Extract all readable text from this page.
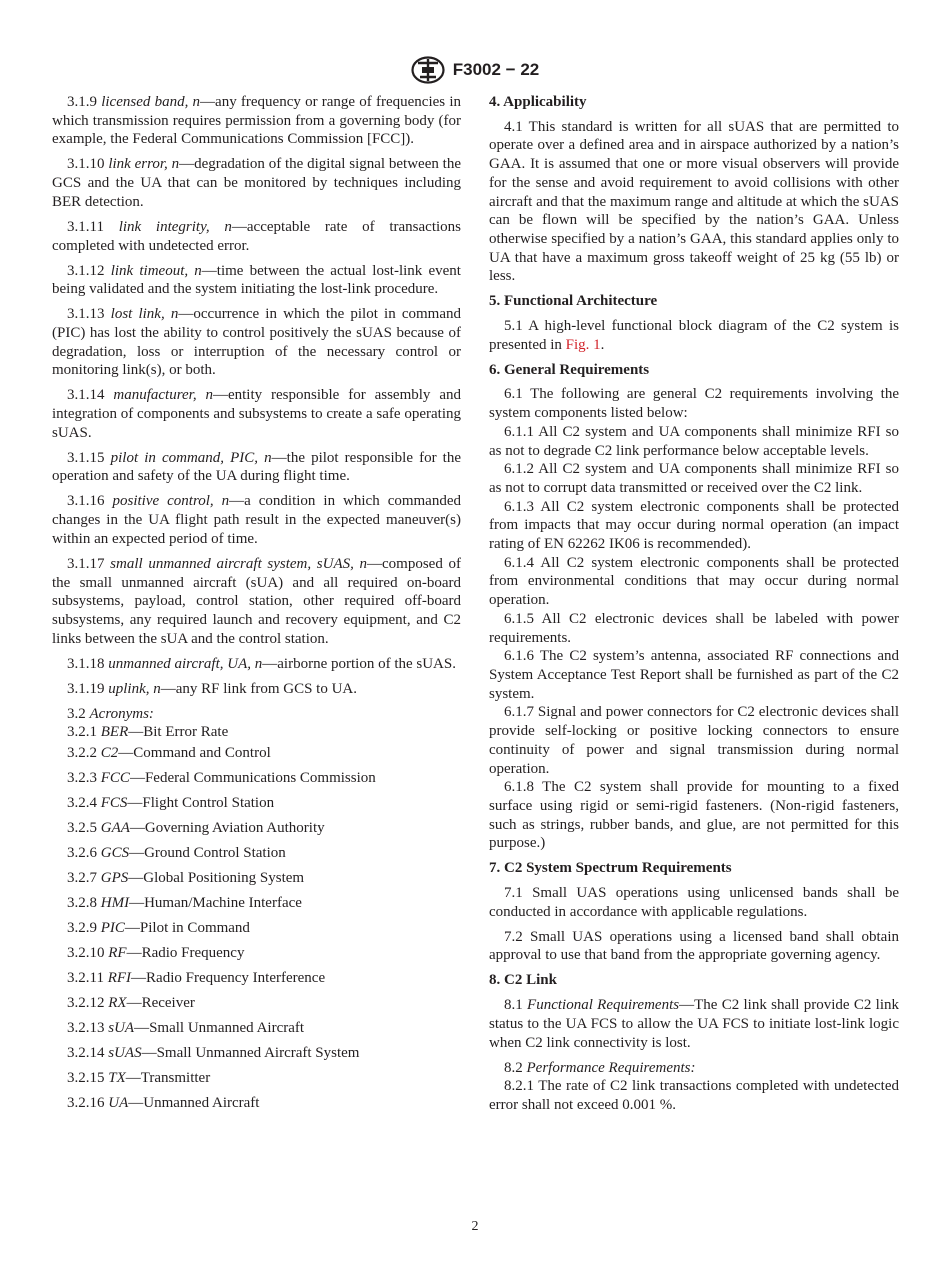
F3002 − 22

3.1.9 licensed band, n—any frequency or range of frequencies in which transmission requires permission from a governing body (for example, the Federal Communications Commission [FCC]).

3.1.10 link error, n—degradation of the digital signal between the GCS and the UA that can be monitored by techniques including BER detection.

3.1.11 link integrity, n—acceptable rate of transactions completed with undetected error.

3.1.12 link timeout, n—time between the actual lost-link event being validated and the system initiating the lost-link procedure.

3.1.13 lost link, n—occurrence in which the pilot in command (PIC) has lost the ability to control positively the sUAS because of degradation, loss or interruption of the necessary control or monitoring link(s), or both.

3.1.14 manufacturer, n—entity responsible for assembly and integration of components and subsystems to create a safe operating sUAS.

3.1.15 pilot in command, PIC, n—the pilot responsible for the operation and safety of the UA during flight time.

3.1.16 positive control, n—a condition in which commanded changes in the UA flight path result in the expected maneuver(s) within an expected period of time.

3.1.17 small unmanned aircraft system, sUAS, n—composed of the small unmanned aircraft (sUA) and all required on-board subsystems, payload, control station, other required off-board subsystems, any required launch and recovery equipment, and C2 links between the sUA and the control station.

3.1.18 unmanned aircraft, UA, n—airborne portion of the sUAS.

3.1.19 uplink, n—any RF link from GCS to UA.

3.2 Acronyms:
3.2.1 BER—Bit Error Rate
3.2.2 C2—Command and Control
3.2.3 FCC—Federal Communications Commission
3.2.4 FCS—Flight Control Station
3.2.5 GAA—Governing Aviation Authority
3.2.6 GCS—Ground Control Station
3.2.7 GPS—Global Positioning System
3.2.8 HMI—Human/Machine Interface
3.2.9 PIC—Pilot in Command
3.2.10 RF—Radio Frequency
3.2.11 RFI—Radio Frequency Interference
3.2.12 RX—Receiver
3.2.13 sUA—Small Unmanned Aircraft
3.2.14 sUAS—Small Unmanned Aircraft System
3.2.15 TX—Transmitter
3.2.16 UA—Unmanned Aircraft
4. Applicability

4.1 This standard is written for all sUAS that are permitted to operate over a defined area and in airspace authorized by a nation’s GAA. It is assumed that one or more visual observers will provide for the sense and avoid requirement to avoid collisions with other aircraft and that the maximum range and altitude at which the sUAS can be flown will be specified by the nation’s GAA. Unless otherwise specified by a nation’s GAA, this standard applies only to UA that have a maximum gross takeoff weight of 25 kg (55 lb) or less.

5. Functional Architecture

5.1 A high-level functional block diagram of the C2 system is presented in Fig. 1.

6. General Requirements

6.1 The following are general C2 requirements involving the system components listed below:

6.1.1 All C2 system and UA components shall minimize RFI so as not to degrade C2 link performance below acceptable levels.

6.1.2 All C2 system and UA components shall minimize RFI so as not to corrupt data transmitted or received over the C2 link.

6.1.3 All C2 system electronic components shall be protected from impacts that may occur during normal operation (an impact rating of EN 62262 IK06 is recommended).

6.1.4 All C2 system electronic components shall be protected from environmental conditions that may occur during normal operation.

6.1.5 All C2 electronic devices shall be labeled with power requirements.

6.1.6 The C2 system’s antenna, associated RF connections and System Acceptance Test Report shall be furnished as part of the C2 system.

6.1.7 Signal and power connectors for C2 electronic devices shall provide self-locking or positive locking connectors to ensure continuity of power and signal transmission during normal operation.

6.1.8 The C2 system shall provide for mounting to a fixed surface using rigid or semi-rigid fasteners. (Non-rigid fasteners, such as strings, rubber bands, and glue, are not permitted for this purpose.)

7. C2 System Spectrum Requirements

7.1 Small UAS operations using unlicensed bands shall be conducted in accordance with applicable regulations.

7.2 Small UAS operations using a licensed band shall obtain approval to use that band from the appropriate governing agency.

8. C2 Link

8.1 Functional Requirements—The C2 link shall provide C2 link status to the UA FCS to allow the UA FCS to initiate lost-link logic when C2 link connectivity is lost.

8.2 Performance Requirements:

8.2.1 The rate of C2 link transactions completed with undetected error shall not exceed 0.001 %.

2
